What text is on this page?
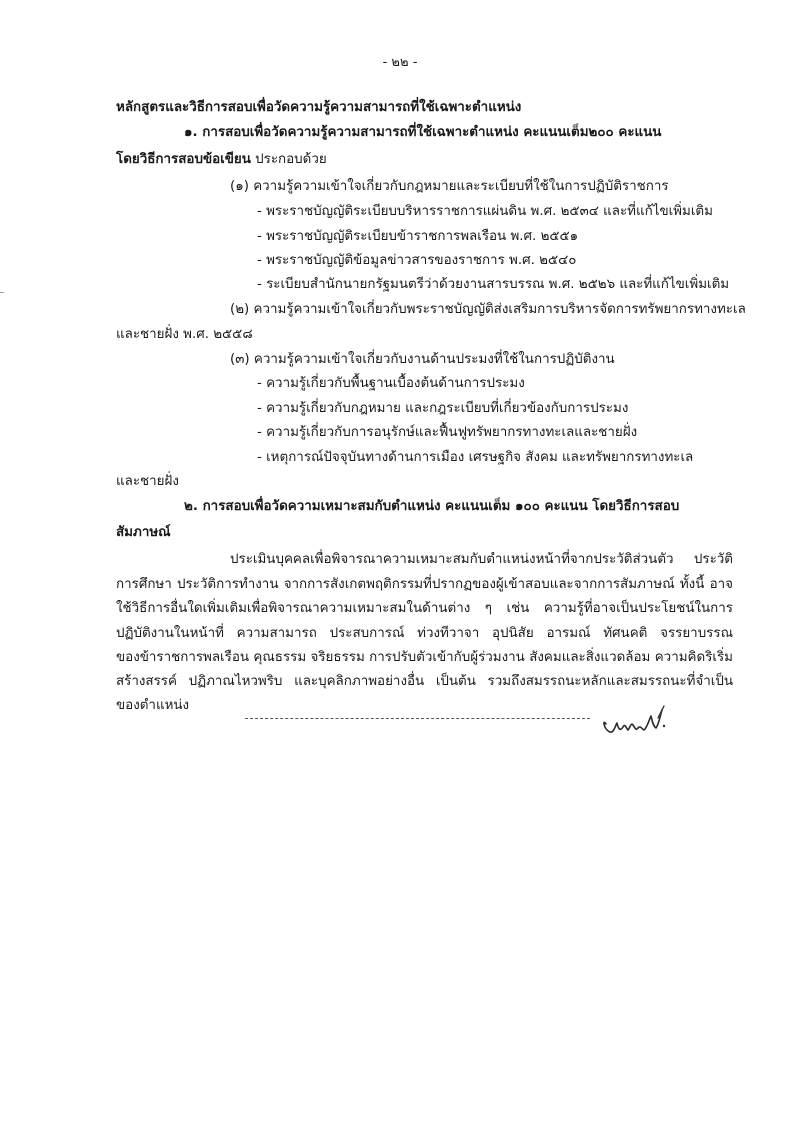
- ๒๒ -
หลักสูตรและวิธีการสอบเพื่อวัดความรู้ความสามารถที่ใช้เฉพาะตำแหน่ง
๑. การสอบเพื่อวัดความรู้ความสามารถที่ใช้เฉพาะตำแหน่ง คะแนนเต็ม๒๐๐ คะแนน
โดยวิธีการสอบข้อเขียน ประกอบด้วย
(๑) ความรู้ความเข้าใจเกี่ยวกับกฎหมายและระเบียบที่ใช้ในการปฏิบัติราชการ
- พระราชบัญญัติระเบียบบริหารราชการแผ่นดิน พ.ศ. ๒๕๓๔ และที่แก้ไขเพิ่มเติม
- พระราชบัญญัติระเบียบข้าราชการพลเรือน พ.ศ. ๒๕๕๑
- พระราชบัญญัติข้อมูลข่าวสารของราชการ พ.ศ. ๒๕๔๐
- ระเบียบสำนักนายกรัฐมนตรีว่าด้วยงานสารบรรณ พ.ศ. ๒๕๒๖ และที่แก้ไขเพิ่มเติม
(๒) ความรู้ความเข้าใจเกี่ยวกับพระราชบัญญัติส่งเสริมการบริหารจัดการทรัพยากรทางทะเล
และชายฝั่ง พ.ศ. ๒๕๕๘
(๓) ความรู้ความเข้าใจเกี่ยวกับงานด้านประมงที่ใช้ในการปฏิบัติงาน
- ความรู้เกี่ยวกับพื้นฐานเบื้องต้นด้านการประมง
- ความรู้เกี่ยวกับกฎหมาย และกฎระเบียบที่เกี่ยวข้องกับการประมง
- ความรู้เกี่ยวกับการอนุรักษ์และฟื้นฟูทรัพยากรทางทะเลและชายฝั่ง
- เหตุการณ์ปัจจุบันทางด้านการเมือง เศรษฐกิจ สังคม และทรัพยากรทางทะเล
และชายฝั่ง
๒. การสอบเพื่อวัดความเหมาะสมกับตำแหน่ง คะแนนเต็ม ๑๐๐ คะแนน โดยวิธีการสอบ
สัมภาษณ์
ประเมินบุคคลเพื่อพิจารณาความเหมาะสมกับตำแหน่งหน้าที่จากประวัติส่วนตัว ประวัติ
การศึกษา ประวัติการทำงาน จากการสังเกตพฤติกรรมที่ปรากฏของผู้เข้าสอบและจากการสัมภาษณ์ ทั้งนี้ อาจ
ใช้วิธีการอื่นใดเพิ่มเติมเพื่อพิจารณาความเหมาะสมในด้านต่าง ๆ เช่น ความรู้ที่อาจเป็นประโยชน์ในการ
ปฏิบัติงานในหน้าที่ ความสามารถ ประสบการณ์ ท่วงทีวาจา อุปนิสัย อารมณ์ ทัศนคติ จรรยาบรรณ
ของข้าราชการพลเรือน คุณธรรม จริยธรรม การปรับตัวเข้ากับผู้ร่วมงาน สังคมและสิ่งแวดล้อม ความคิดริเริ่ม
สร้างสรรค์ ปฏิภาณไหวพริบ และบุคลิกภาพอย่างอื่น เป็นต้น รวมถึงสมรรถนะหลักและสมรรถนะที่จำเป็น
ของตำแหน่ง
